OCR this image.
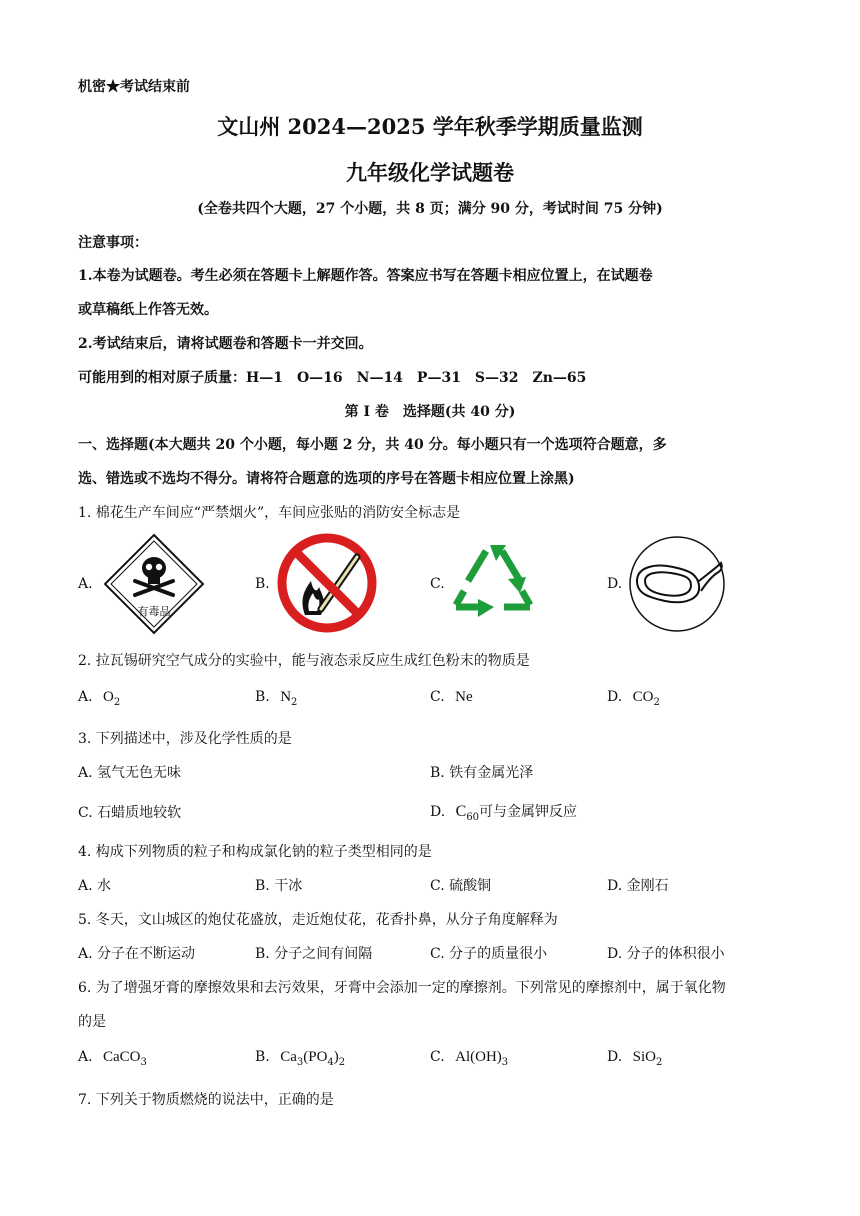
机密★考试结束前
文山州 2024—2025 学年秋季学期质量监测
九年级化学试题卷
(全卷共四个大题，27 个小题，共 8 页；满分 90 分，考试时间 75 分钟)
注意事项：
1.本卷为试题卷。考生必须在答题卡上解题作答。答案应书写在答题卡相应位置上，在试题卷
或草稿纸上作答无效。
2.考试结束后，请将试题卷和答题卡一并交回。
可能用到的相对原子质量：H—1　O—16　N—14　P—31　S—32　Zn—65
第 I 卷　选择题(共 40 分)
一、选择题(本大题共 20 个小题，每小题 2 分，共 40 分。每小题只有一个选项符合题意，多
选、错选或不选均不得分。请将符合题意的选项的序号在答题卡相应位置上涂黑)
1. 棉花生产车间应“严禁烟火”，车间应张贴的消防安全标志是
A.
有毒品
B.	C.	D.
2. 拉瓦锡研究空气成分的实验中，能与液态汞反应生成红色粉末的物质是
A. $O_2$	B. $N_2$	C. Ne	D. $CO_2$
3. 下列描述中，涉及化学性质的是
A. 氢气无色无味	B. 铁有金属光泽
C. 石蜡质地较软	D. $C_{60}$可与金属钾反应
4. 构成下列物质的粒子和构成氯化钠的粒子类型相同的是
A. 水	B. 干冰	C. 硫酸铜	D. 金刚石
5. 冬天，文山城区的炮仗花盛放，走近炮仗花，花香扑鼻，从分子角度解释为
A. 分子在不断运动	B. 分子之间有间隔	C. 分子的质量很小	D. 分子的体积很小
6. 为了增强牙膏的摩擦效果和去污效果，牙膏中会添加一定的摩擦剂。下列常见的摩擦剂中，属于氧化物
的是
A. CaCO$_3$	B. $Ca_3(PO_4)_2$	C. $Al(OH)_3$	D. SiO$_2$
7. 下列关于物质燃烧的说法中，正确的是
